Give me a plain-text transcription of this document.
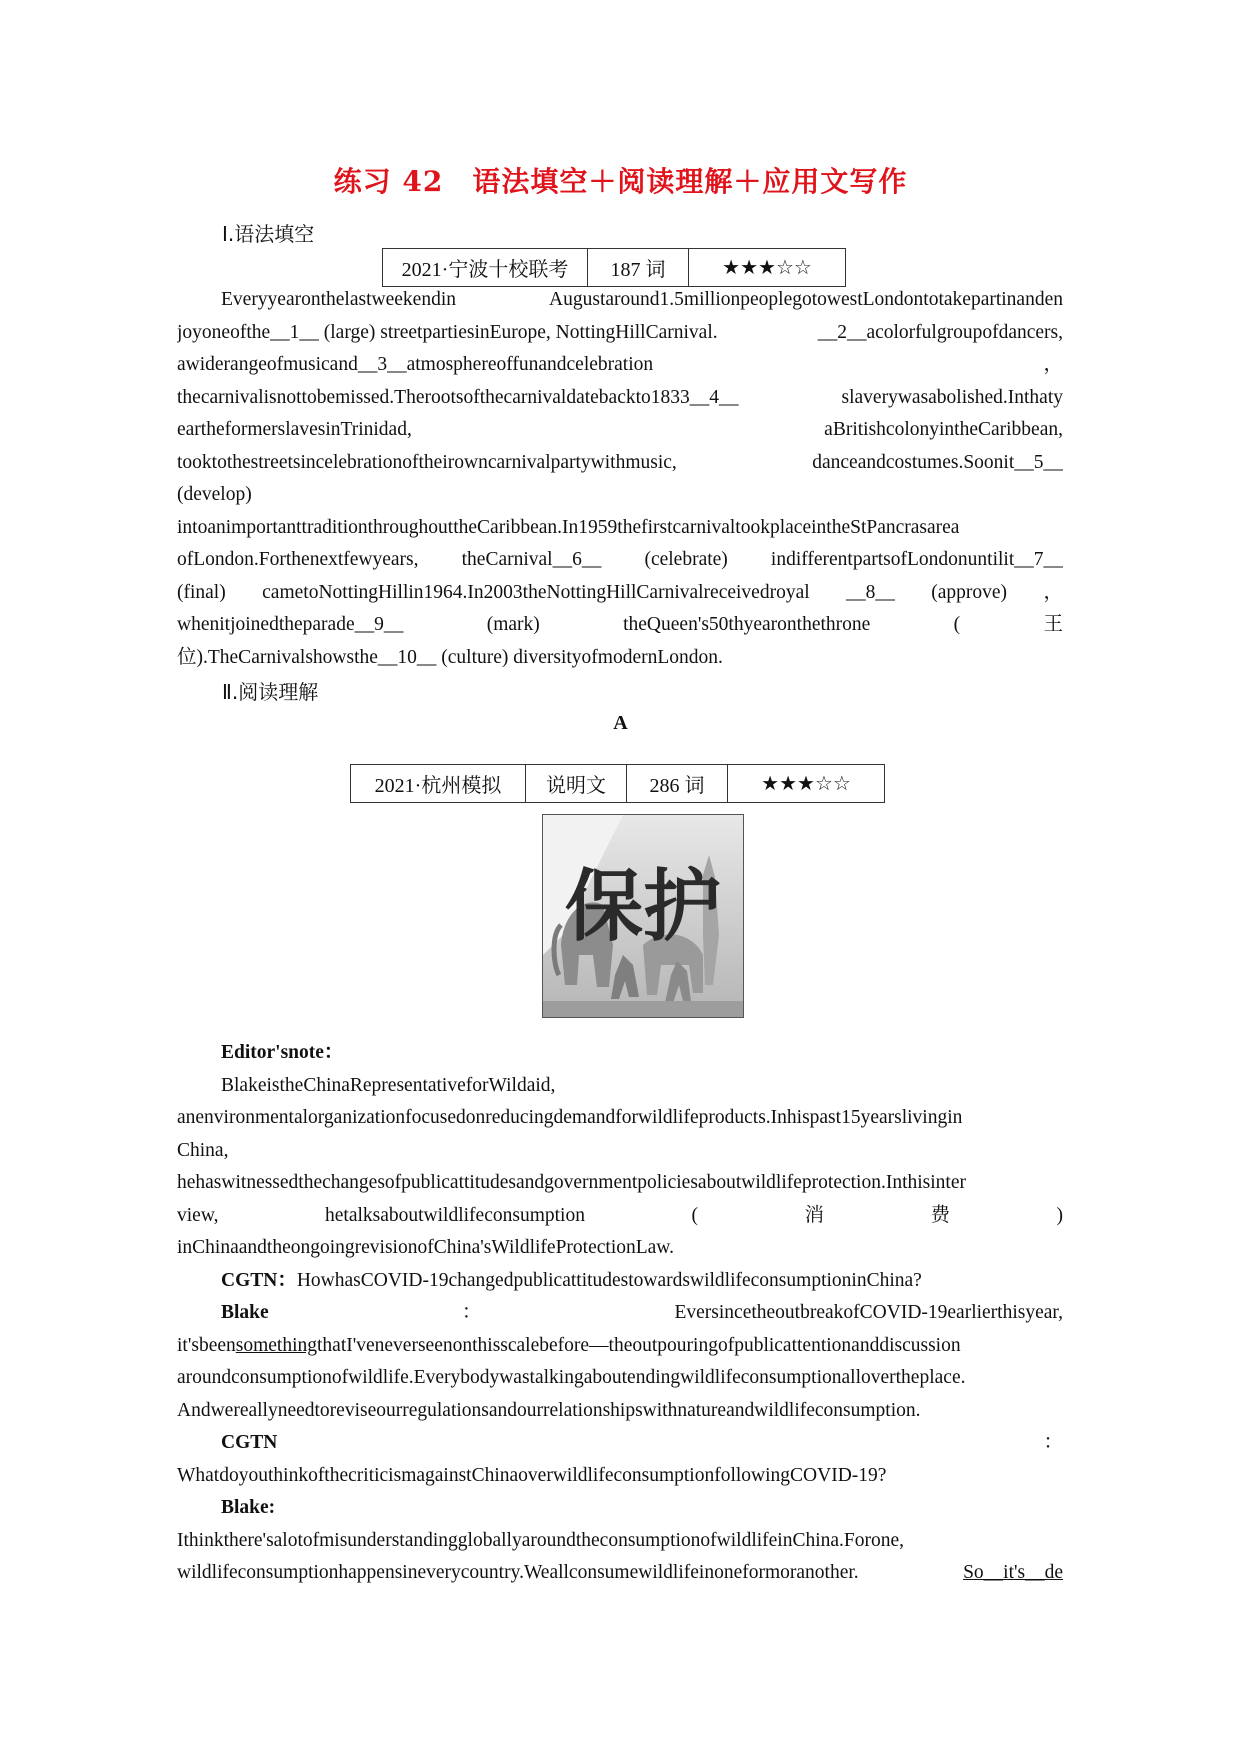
练习 42　语法填空＋阅读理解＋应用文写作
Ⅰ.语法填空
2021·宁波十校联考	187 词	★★★☆☆
Everyyearonthelastweekendin	Augustaround1.5millionpeoplegotowestLondontotakepartinanden
joyoneofthe__1__ (large) streetpartiesinEurope, NottingHillCarnival.	__2__acolorfulgroupofdancers,
awiderangeofmusicand__3__atmosphereoffunandcelebration	，
thecarnivalisnottobemissed.Therootsofthecarnivaldatebackto1833__4__	slaverywasabolished.Inthaty
eartheformerslavesinTrinidad,	aBritishcolonyintheCaribbean,
tooktothestreetsincelebrationoftheirowncarnivalpartywithmusic,	danceandcostumes.Soonit__5__
(develop)
intoanimportanttraditionthroughouttheCaribbean.In1959thefirstcarnivaltookplaceintheStPancrasarea
ofLondon.Forthenextfewyears, theCarnival__6__ (celebrate) indifferentpartsofLondonuntilit__7__
(final) cametoNottingHillin1964.In2003theNottingHillCarnivalreceivedroyal __8__ (approve) ，
whenitjoinedtheparade__9__	(mark)	theQueen's50thyearonthethrone	(	王
位).TheCarnivalshowsthe__10__ (culture) diversityofmodernLondon.
Ⅱ.阅读理解
A
2021·杭州模拟	说明文	286 词	★★★☆☆
保护
Editor'snote：
BlakeistheChinaRepresentativeforWildaid,
anenvironmentalorganizationfocusedonreducingdemandforwildlifeproducts.Inhispast15yearslivingin
China,
hehaswitnessedthechangesofpublicattitudesandgovernmentpoliciesaboutwildlifeprotection.Inthisinter
view,	hetalksaboutwildlifeconsumption	(	消	费	)
inChinaandtheongoingrevisionofChina'sWildlifeProtectionLaw.
CGTN： HowhasCOVID-19changedpublicattitudestowardswildlifeconsumptioninChina?
Blake	：	EversincetheoutbreakofCOVID-19earlierthisyear,
it'sbeen something thatI'veneverseenonthisscalebefore—theoutpouringofpublicattentionanddiscussion
aroundconsumptionofwildlife.Everybodywastalkingaboutendingwildlifeconsumptionallovertheplace.
Andwereallyneedtoreviseourregulationsandourrelationshipswithnatureandwildlifeconsumption.
CGTN	：
WhatdoyouthinkofthecriticismagainstChinaoverwildlifeconsumptionfollowingCOVID-19?
Blake:
Ithinkthere'salotofmisunderstandinggloballyaroundtheconsumptionofwildlifeinChina.Forone,
wildlifeconsumptionhappensineverycountry.Weallconsumewildlifeinoneformoranother.	So__it's__de
